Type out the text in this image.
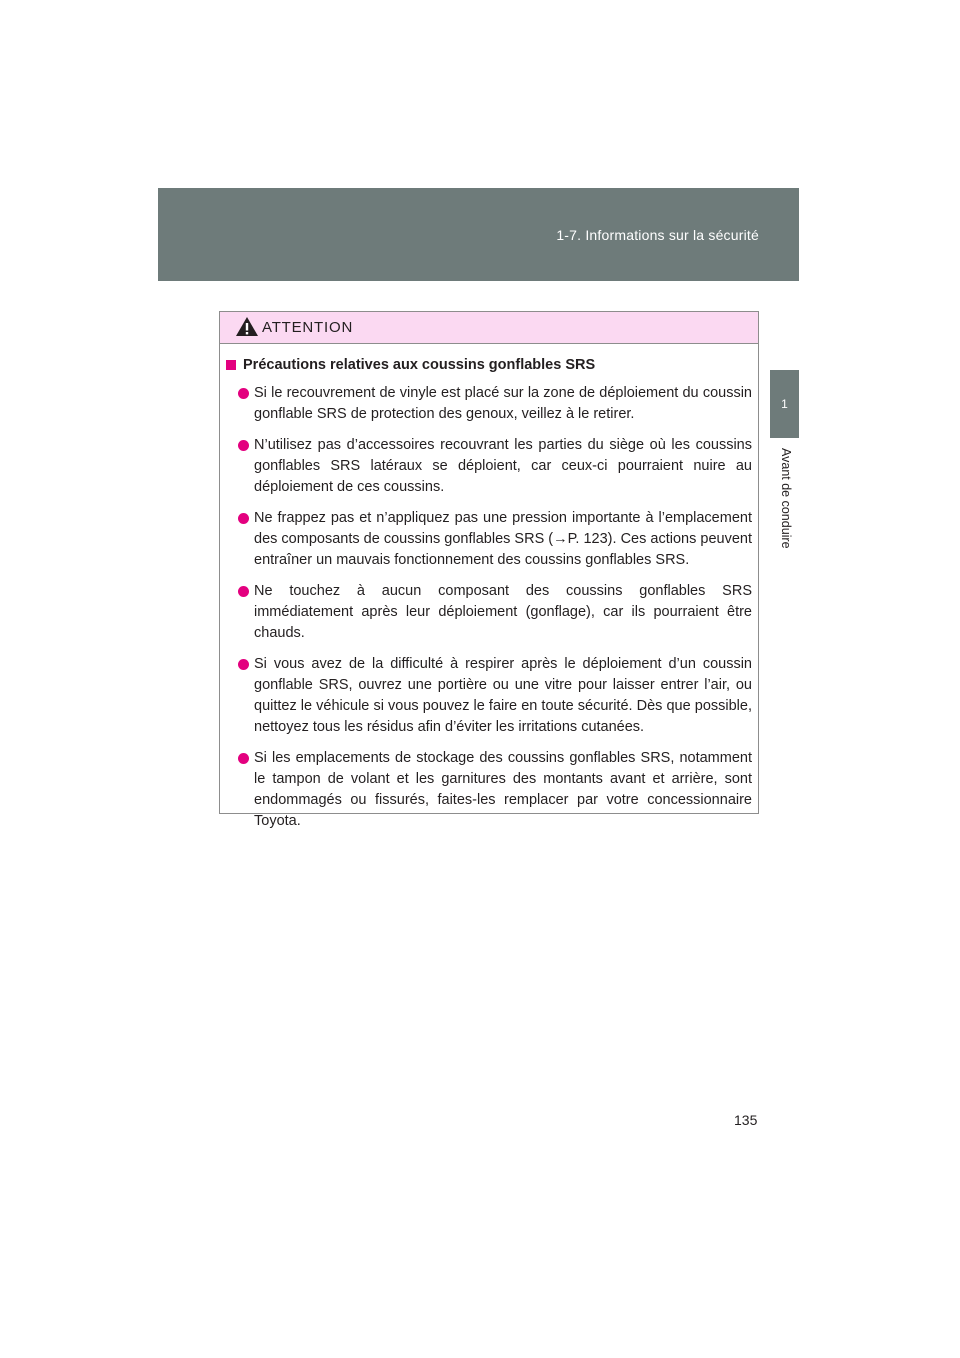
1-7. Informations sur la sécurité
1
Avant de conduire
ATTENTION
Précautions relatives aux coussins gonflables SRS
Si le recouvrement de vinyle est placé sur la zone de déploiement du coussin gonflable SRS de protection des genoux, veillez à le retirer.
N’utilisez pas d’accessoires recouvrant les parties du siège où les coussins gonflables SRS latéraux se déploient, car ceux-ci pourraient nuire au déploiement de ces coussins.
Ne frappez pas et n’appliquez pas une pression importante à l’emplacement des composants de coussins gonflables SRS (→P. 123). Ces actions peuvent entraîner un mauvais fonctionnement des coussins gonflables SRS.
Ne touchez à aucun composant des coussins gonflables SRS immédiatement après leur déploiement (gonflage), car ils pourraient être chauds.
Si vous avez de la difficulté à respirer après le déploiement d’un coussin gonflable SRS, ouvrez une portière ou une vitre pour laisser entrer l’air, ou quittez le véhicule si vous pouvez le faire en toute sécurité. Dès que possible, nettoyez tous les résidus afin d’éviter les irritations cutanées.
Si les emplacements de stockage des coussins gonflables SRS, notamment le tampon de volant et les garnitures des montants avant et arrière, sont endommagés ou fissurés, faites-les remplacer par votre concessionnaire Toyota.
135
